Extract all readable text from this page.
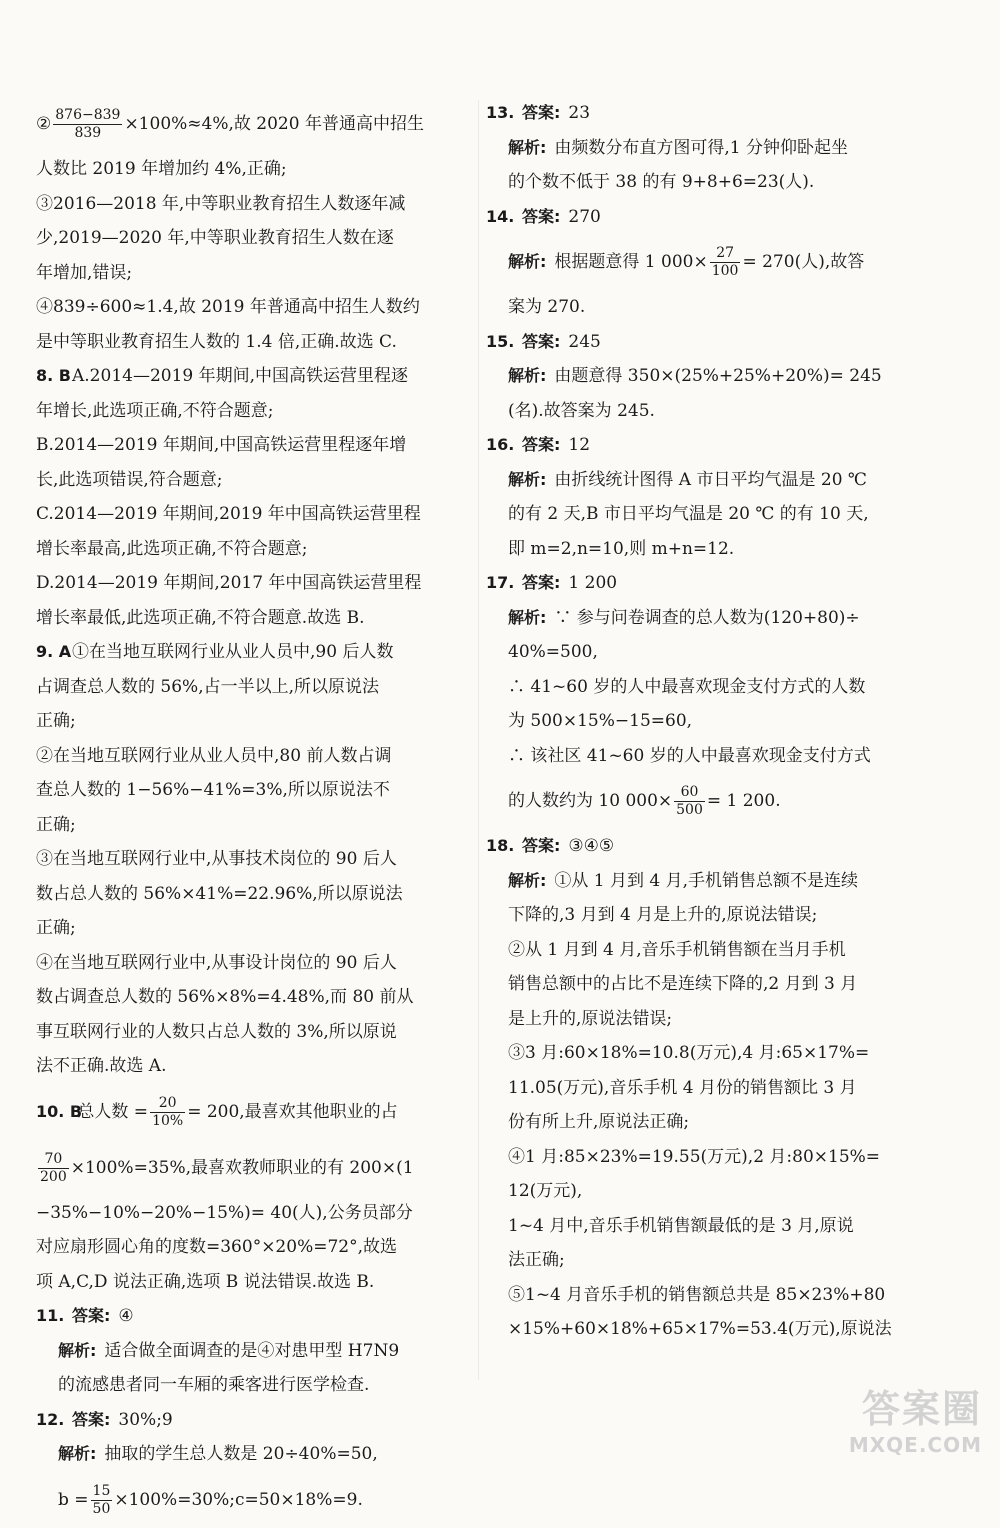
② $\frac{876-839}{839} \times 100\%\approx 4\%$,故 2020 年普通高中招生
人数比 2019 年增加约 4%,正确;
③2016—2018 年,中等职业教育招生人数逐年减
少,2019—2020 年,中等职业教育招生人数在逐
年增加,错误;
④839÷600≈1.4,故 2019 年普通高中招生人数约
是中等职业教育招生人数的 1.4 倍,正确.故选 C.
8. BA.2014—2019 年期间,中国高铁运营里程逐
年增长,此选项正确,不符合题意;
B.2014—2019 年期间,中国高铁运营里程逐年增
长,此选项错误,符合题意;
C.2014—2019 年期间,2019 年中国高铁运营里程
增长率最高,此选项正确,不符合题意;
D.2014—2019 年期间,2017 年中国高铁运营里程
增长率最低,此选项正确,不符合题意.故选 B.
9. A①在当地互联网行业从业人员中,90 后人数
占调查总人数的 56%,占一半以上,所以原说法
正确;
②在当地互联网行业从业人员中,80 前人数占调
查总人数的 1−56%−41%=3%,所以原说法不
正确;
③在当地互联网行业中,从事技术岗位的 90 后人
数占总人数的 56%×41%=22.96%,所以原说法
正确;
④在当地互联网行业中,从事设计岗位的 90 后人
数占调查总人数的 56%×8%=4.48%,而 80 前从
事互联网行业的人数只占总人数的 3%,所以原说
法不正确.故选 A.
10. B 总人数 = $\frac{20}{10\%} = 200$,最喜欢其他职业的占
$\frac{70}{200} \times 100\%=35\%$,最喜欢教师职业的有 200×(1
−35%−10%−20%−15%)= 40(人),公务员部分
对应扇形圆心角的度数=360°×20%=72°,故选
项 A,C,D 说法正确,选项 B 说法错误.故选 B.
11. 答案: ④
解析: 适合做全面调查的是④对患甲型 H7N9
的流感患者同一车厢的乘客进行医学检查.
12. 答案: 30%;9
解析: 抽取的学生总人数是 20÷40%=50,
$b = \frac{15}{50}$ ×100%=30%;c=50×18%=9.
13. 答案: 23
解析: 由频数分布直方图可得,1 分钟仰卧起坐
的个数不低于 38 的有 9+8+6=23(人).
14. 答案: 270
解析: 根据题意得 1 $000\times \frac{27}{100} = 270$(人),故答
案为 270.
15. 答案: 245
解析: 由题意得 350×(25%+25%+20%)= 245
(名).故答案为 245.
16. 答案: 12
解析: 由折线统计图得 A 市日平均气温是 20 ℃
的有 2 天,B 市日平均气温是 20 ℃ 的有 10 天,
即 m=2,n=10,则 m+n=12.
17. 答案: 1 200
解析: ∵ 参与问卷调查的总人数为(120+80)÷
40%=500,
∴ 41~60 岁的人中最喜欢现金支付方式的人数
为 500×15%−15=60,
∴ 该社区 41~60 岁的人中最喜欢现金支付方式
的人数约为 10 $000\times \frac{60}{500} = 1$ 200.
18. 答案: ③④⑤
解析: ①从 1 月到 4 月,手机销售总额不是连续
下降的,3 月到 4 月是上升的,原说法错误;
②从 1 月到 4 月,音乐手机销售额在当月手机
销售总额中的占比不是连续下降的,2 月到 3 月
是上升的,原说法错误;
③3 月:60×18%=10.8(万元),4 月:65×17%=
11.05(万元),音乐手机 4 月份的销售额比 3 月
份有所上升,原说法正确;
④1 月:85×23%=19.55(万元),2 月:80×15%=
12(万元),
1~4 月中,音乐手机销售额最低的是 3 月,原说
法正确;
⑤1~4 月音乐手机的销售额总共是 85×23%+80
×15%+60×18%+65×17%=53.4(万元),原说法
答案圈
MXQE.COM
